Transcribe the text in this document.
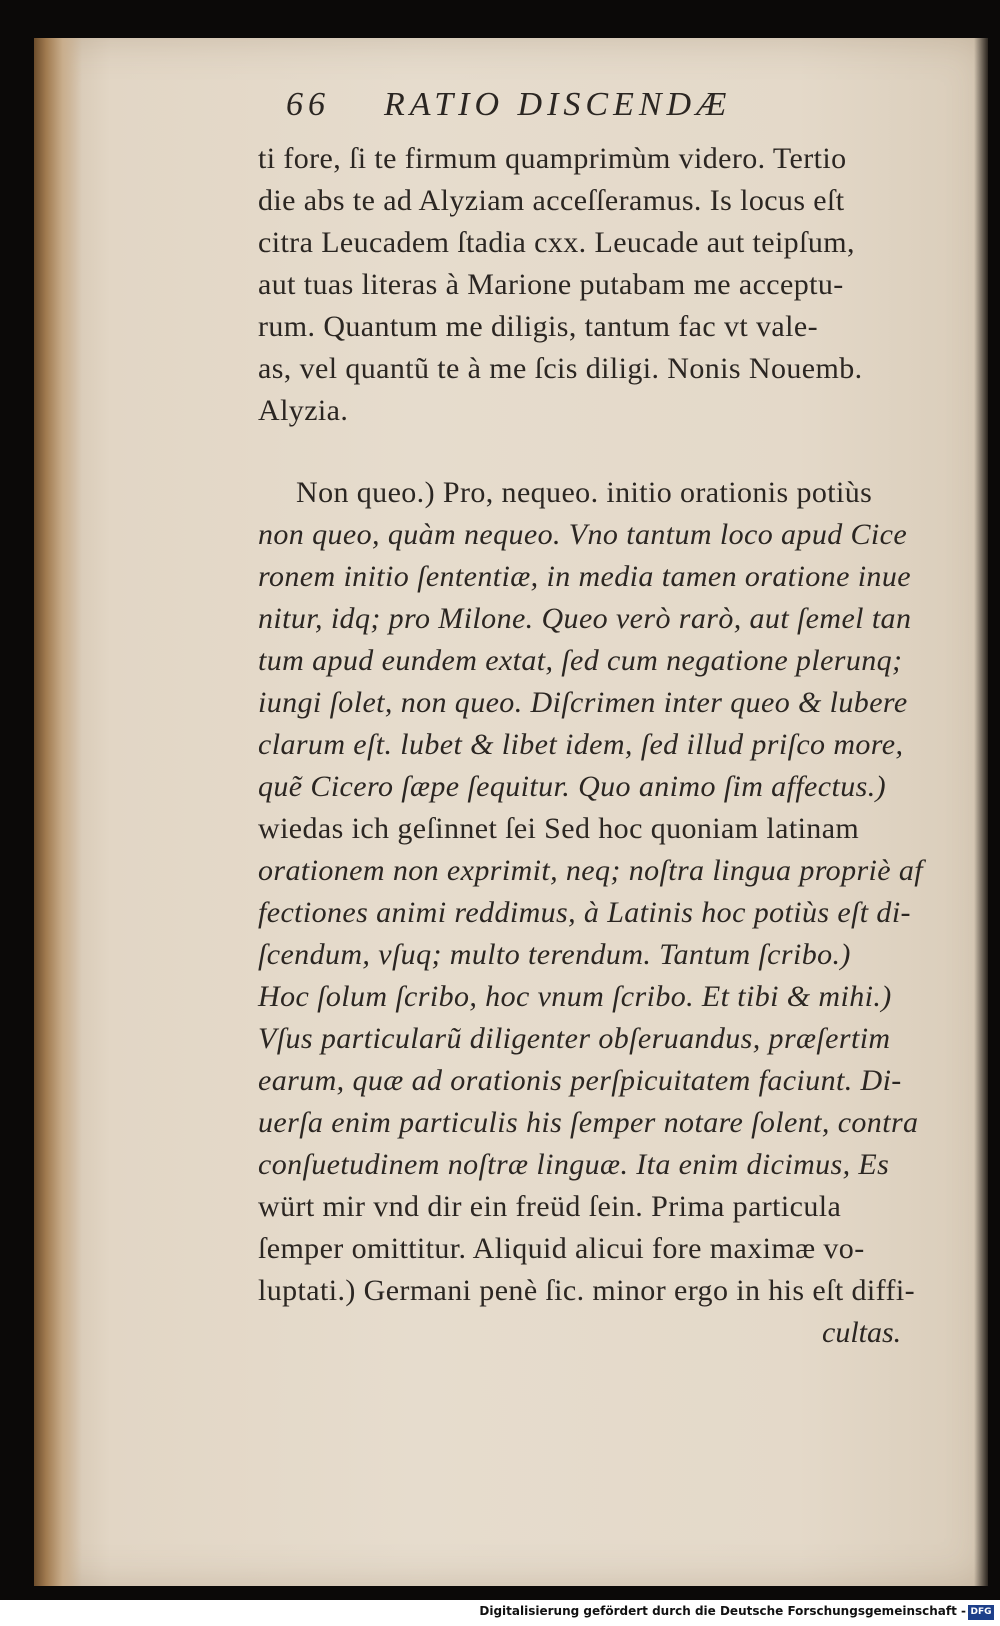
66 RATIO DISCENDÆ
ti fore, ſi te firmum quamprimùm videro. Tertio
die abs te ad Alyziam acceſſeramus. Is locus eſt
citra Leucadem ſtadia cxx. Leucade aut teipſum,
aut tuas literas à Marione putabam me acceptu-
rum. Quantum me diligis, tantum fac vt vale-
as, vel quantũ te à me ſcis diligi. Nonis Nouemb.
Alyzia.
Non queo.) Pro, nequeo. initio orationis potiùs
non queo, quàm nequeo. Vno tantum loco apud Cice
ronem initio ſententiæ, in media tamen oratione inue
nitur, idq; pro Milone. Queo verò rarò, aut ſemel tan
tum apud eundem extat, ſed cum negatione plerunq;
iungi ſolet, non queo. Diſcrimen inter queo & lubere
clarum eſt. lubet & libet idem, ſed illud priſco more,
quẽ Cicero ſæpe ſequitur. Quo animo ſim affectus.)
wiedas ich geſinnet ſei Sed hoc quoniam latinam
orationem non exprimit, neq; noſtra lingua propriè af
fectiones animi reddimus, à Latinis hoc potiùs eſt di-
ſcendum, vſuq; multo terendum. Tantum ſcribo.)
Hoc ſolum ſcribo, hoc vnum ſcribo. Et tibi & mihi.)
Vſus particularũ diligenter obſeruandus, præſertim
earum, quæ ad orationis perſpicuitatem faciunt. Di-
uerſa enim particulis his ſemper notare ſolent, contra
conſuetudinem noſtræ linguæ. Ita enim dicimus, Es
würt mir vnd dir ein freüd ſein. Prima particula
ſemper omittitur. Aliquid alicui fore maximæ vo-
luptati.) Germani penè ſic. minor ergo in his eſt diffi-
cultas.
Digitalisierung gefördert durch die Deutsche Forschungsgemeinschaft - DFG
